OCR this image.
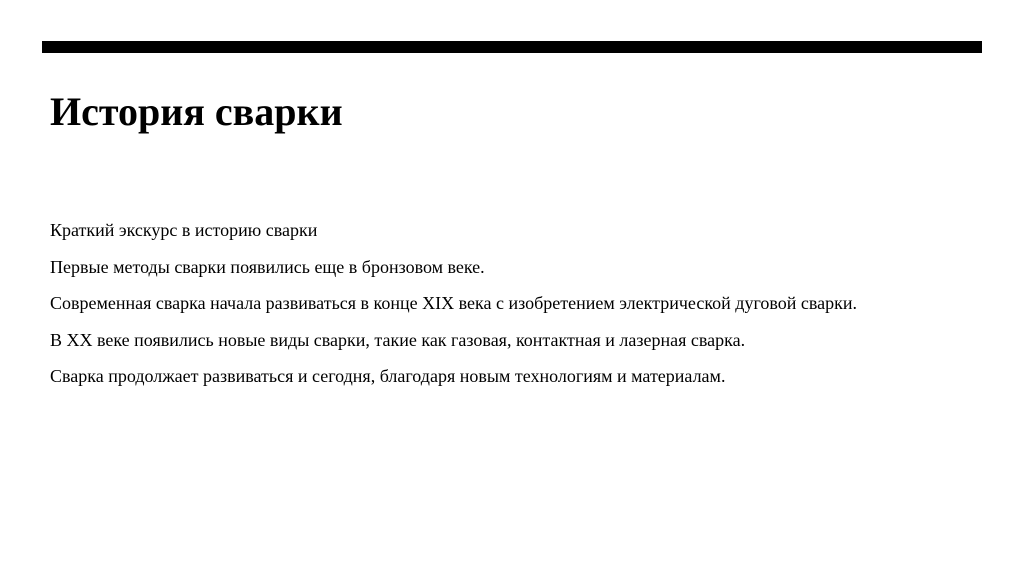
История сварки
Краткий экскурс в историю сварки
Первые методы сварки появились еще в бронзовом веке.
Современная сварка начала развиваться в конце XIX века с изобретением электрической дуговой сварки.
В XX веке появились новые виды сварки, такие как газовая, контактная и лазерная сварка.
Сварка продолжает развиваться и сегодня, благодаря новым технологиям и материалам.
